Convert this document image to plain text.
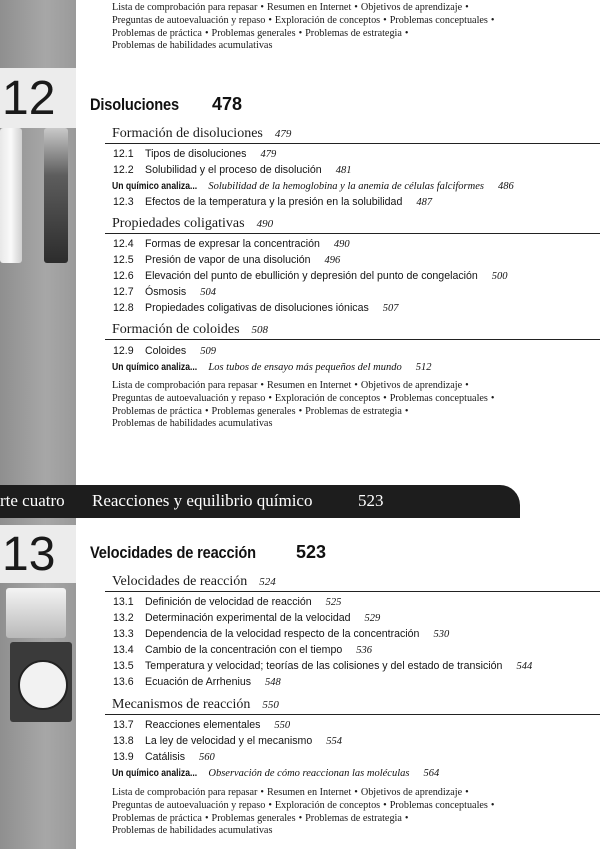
12
Lista de comprobación para repasar • Resumen en Internet • Objetivos de aprendizaje •
Preguntas de autoevaluación y repaso • Exploración de conceptos • Problemas conceptuales •
Problemas de práctica • Problemas generales • Problemas de estrategia •
Problemas de habilidades acumulativas
Disoluciones 478
Formación de disoluciones 479
12.1 Tipos de disoluciones 479
12.2 Solubilidad y el proceso de disolución 481
Un químico analiza... Solubilidad de la hemoglobina y la anemia de células falciformes 486
12.3 Efectos de la temperatura y la presión en la solubilidad 487
Propiedades coligativas 490
12.4 Formas de expresar la concentración 490
12.5 Presión de vapor de una disolución 496
12.6 Elevación del punto de ebullición y depresión del punto de congelación 500
12.7 Ósmosis 504
12.8 Propiedades coligativas de disoluciones iónicas 507
Formación de coloides 508
12.9 Coloides 509
Un químico analiza... Los tubos de ensayo más pequeños del mundo 512
Lista de comprobación para repasar • Resumen en Internet • Objetivos de aprendizaje •
Preguntas de autoevaluación y repaso • Exploración de conceptos • Problemas conceptuales •
Problemas de práctica • Problemas generales • Problemas de estrategia •
Problemas de habilidades acumulativas
rte cuatro Reacciones y equilibrio químico	523
13 Velocidades de reacción 523
Velocidades de reacción 524
13.1 Definición de velocidad de reacción 525
13.2 Determinación experimental de la velocidad 529
13.3 Dependencia de la velocidad respecto de la concentración 530
13.4 Cambio de la concentración con el tiempo 536
13.5 Temperatura y velocidad; teorías de las colisiones y del estado de transición 544
13.6 Ecuación de Arrhenius 548
Mecanismos de reacción 550
13.7 Reacciones elementales 550
13.8 La ley de velocidad y el mecanismo 554
13.9 Catálisis 560
Un químico analiza... Observación de cómo reaccionan las moléculas 564
Lista de comprobación para repasar • Resumen en Internet • Objetivos de aprendizaje •
Preguntas de autoevaluación y repaso • Exploración de conceptos • Problemas conceptuales •
Problemas de práctica • Problemas generales • Problemas de estrategia •
Problemas de habilidades acumulativas
